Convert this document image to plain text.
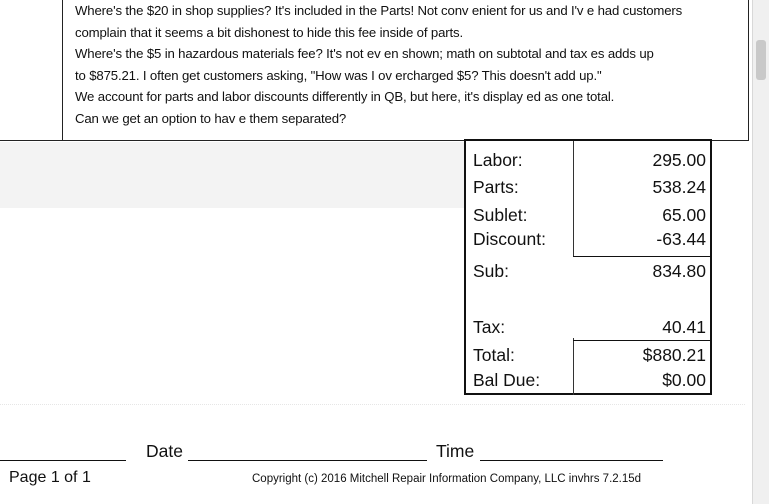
Where's the $20 in shop supplies? It's included in the Parts! Not conv enient for us and I'v e had customers
complain that it seems a bit dishonest to hide this fee inside of parts.
Where's the $5 in hazardous materials fee? It's not ev en shown; math on subtotal and tax es adds up
to $875.21. I often get customers asking, "How was I ov ercharged $5? This doesn't add up."
We account for parts and labor discounts differently in QB, but here, it's display ed as one total.
Can we get an option to hav e them separated?
Labor:	295.00
Parts:	538.24
Sublet:	65.00
Discount:	-63.44
Sub:	834.80
Tax:	40.41
Total:	$880.21
Bal Due:	$0.00
Date	Time
Page 1 of 1	Copyright (c) 2016 Mitchell Repair Information Company, LLC invhrs 7.2.15d
